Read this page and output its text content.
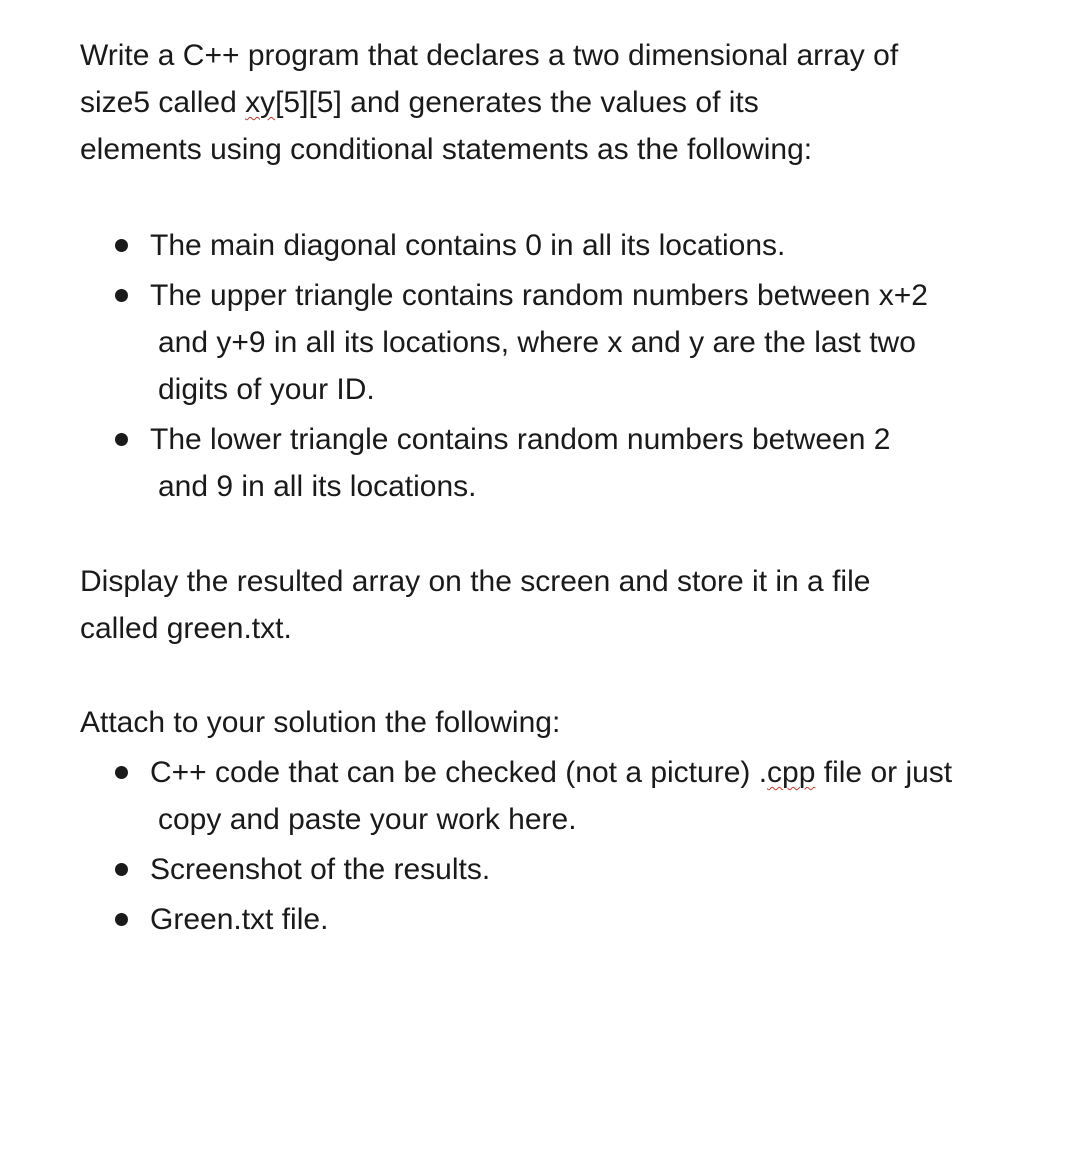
Write a C++ program that declares a two dimensional array of
size5 called xy[5][5] and generates the values of its
elements using conditional statements as the following:

The main diagonal contains 0 in all its locations.
The upper triangle contains random numbers between x+2
and y+9 in all its locations, where x and y are the last two
digits of your ID.
The lower triangle contains random numbers between 2
and 9 in all its locations.

Display the resulted array on the screen and store it in a file
called green.txt.

Attach to your solution the following:

C++ code that can be checked (not a picture) .cpp file or just
copy and paste your work here.
Screenshot of the results.
Green.txt file.
